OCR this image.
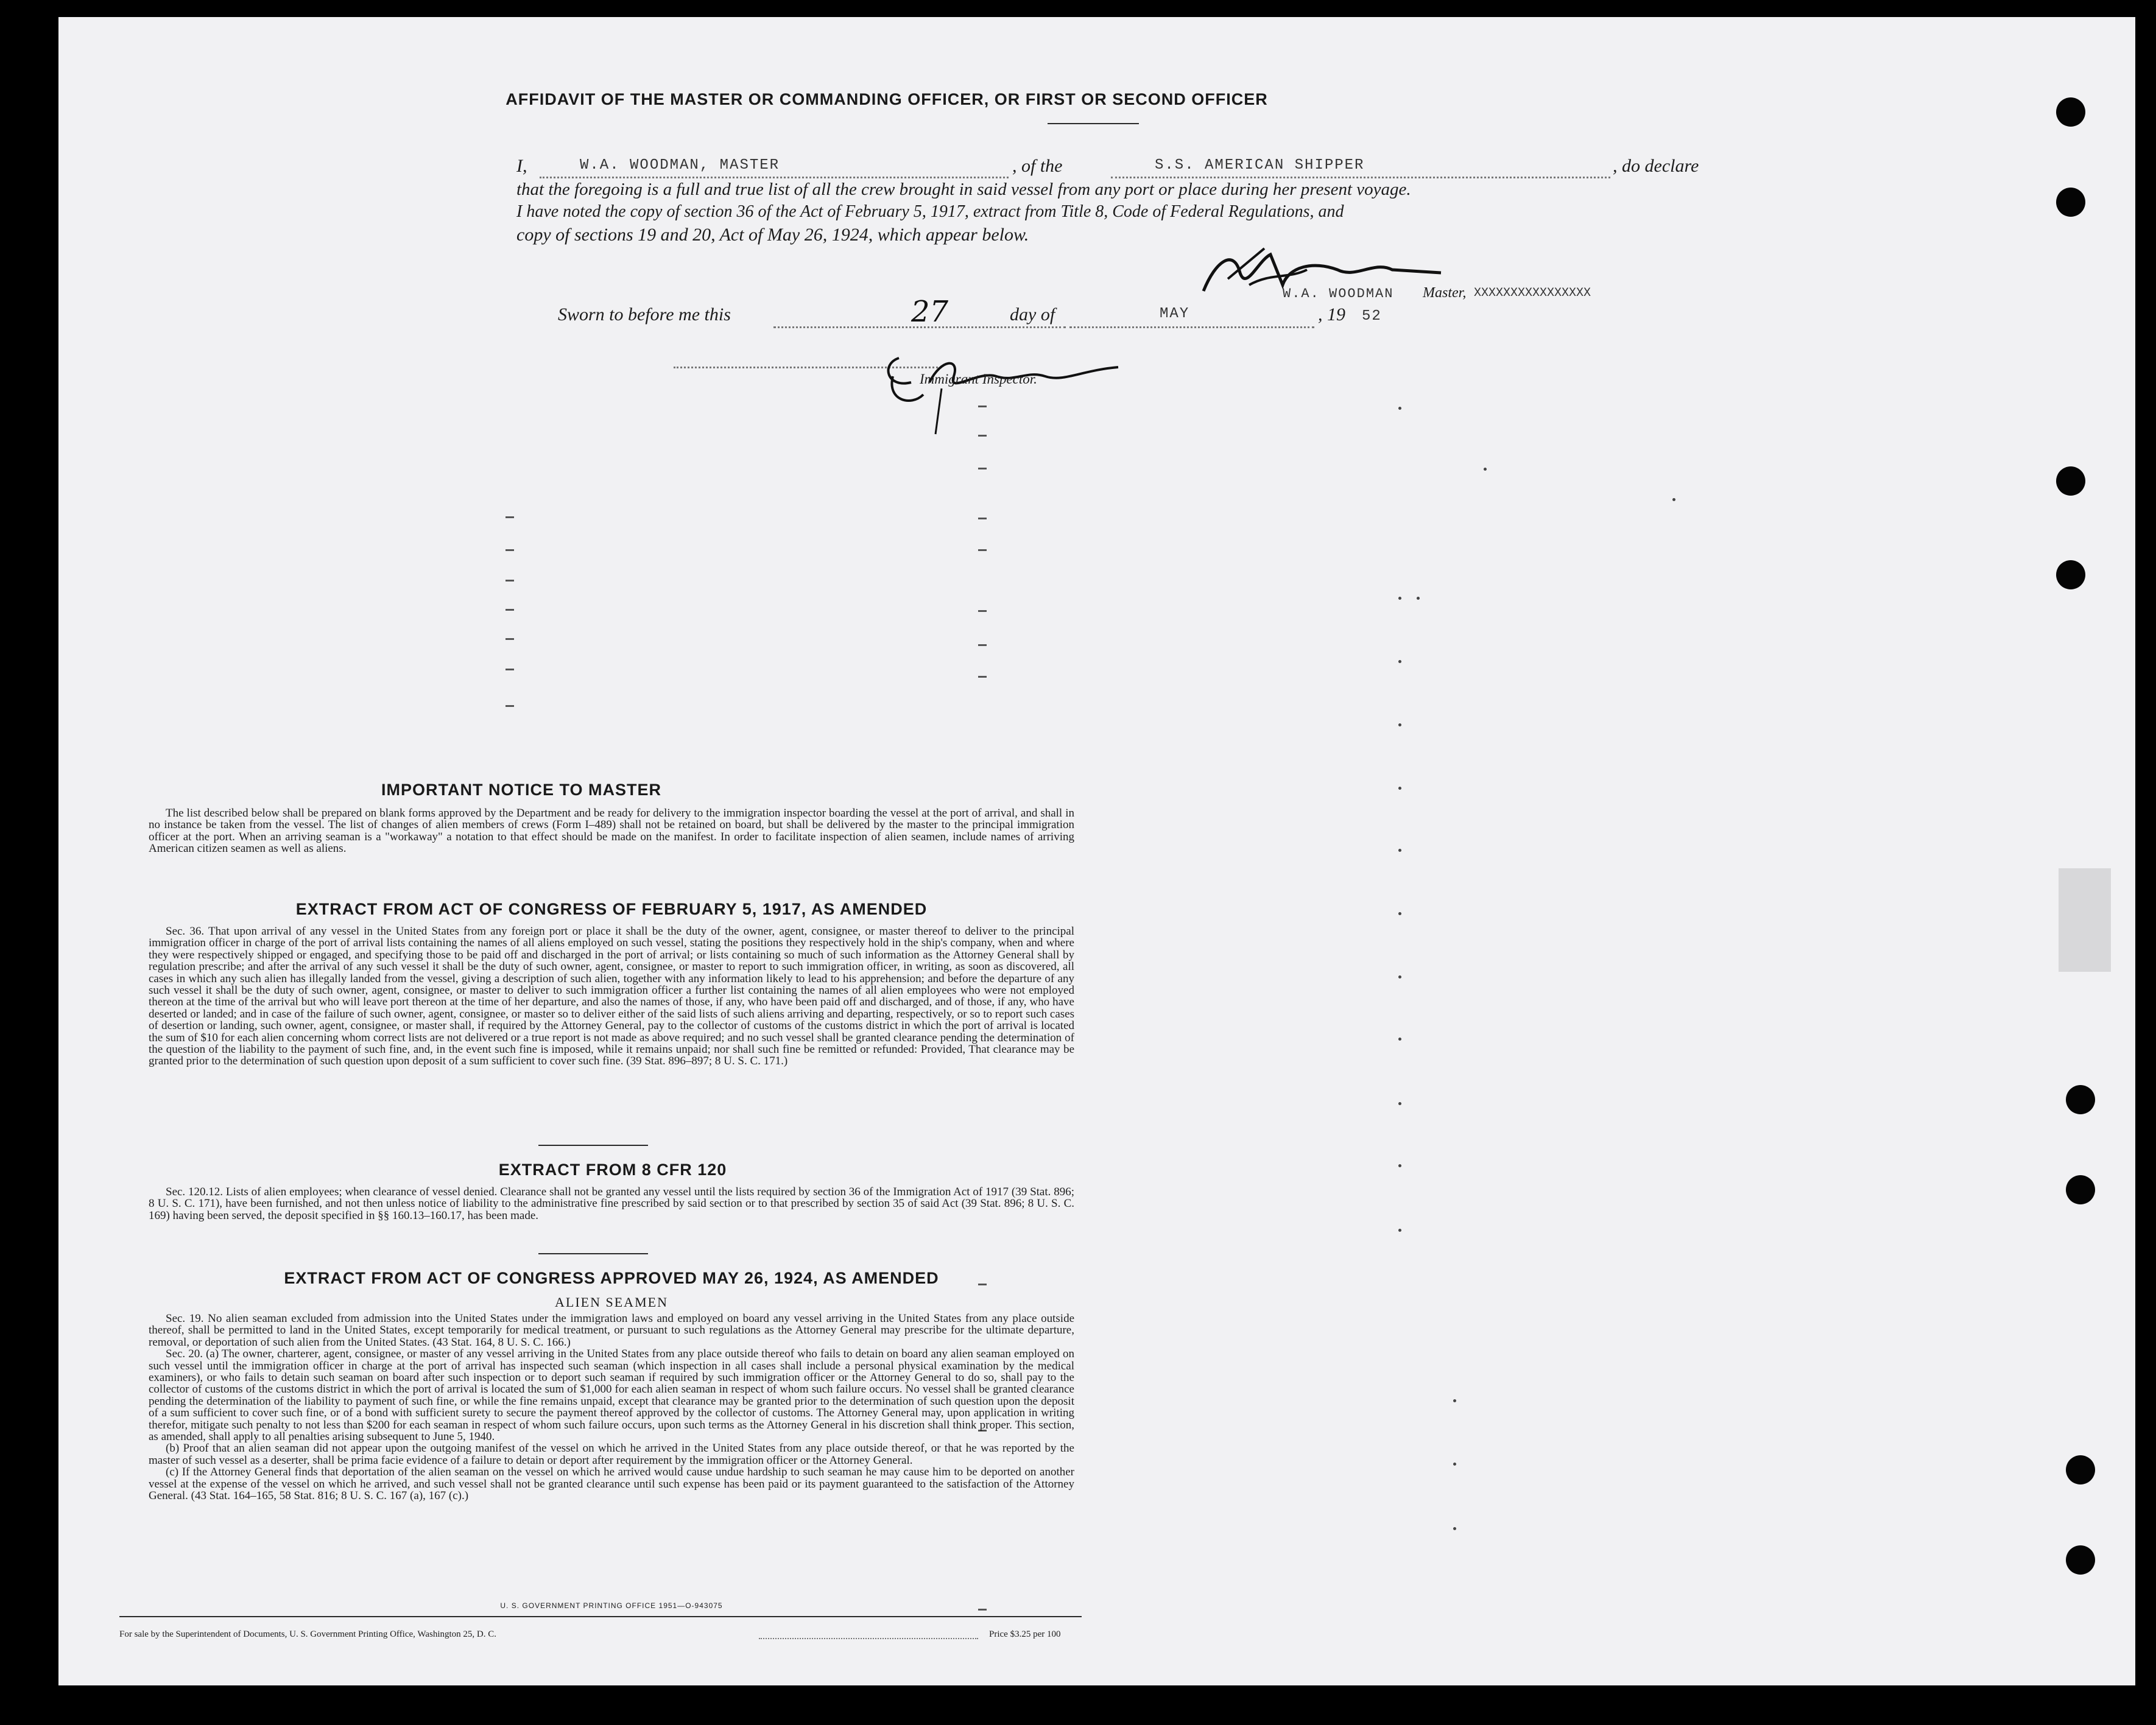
AFFIDAVIT OF THE MASTER OR COMMANDING OFFICER, OR FIRST OR SECOND OFFICER
I,	W.A. WOODMAN, MASTER	, of the	S.S. AMERICAN SHIPPER	, do declare
that the foregoing is a full and true list of all the crew brought in said vessel from any port or place during her present voyage.
I have noted the copy of section 36 of the Act of February 5, 1917, extract from Title 8, Code of Federal Regulations, and
copy of sections 19 and 20, Act of May 26, 1924, which appear below.
W.A. WOODMAN Master, XXXXXXXXXXXXXXXX
Sworn to before me this	27	day of	MAY	, 19 52
Immigrant Inspector.
IMPORTANT NOTICE TO MASTER

The list described below shall be prepared on blank forms approved by the Department and be ready for delivery to the immigration inspector boarding the vessel at the port of arrival, and shall in no instance be taken from the vessel. The list of changes of alien members of crews (Form I–489) shall not be retained on board, but shall be delivered by the master to the principal immigration officer at the port. When an arriving seaman is a "workaway" a notation to that effect should be made on the manifest. In order to facilitate inspection of alien seamen, include names of arriving American citizen seamen as well as aliens.

EXTRACT FROM ACT OF CONGRESS OF FEBRUARY 5, 1917, AS AMENDED

Sec. 36. That upon arrival of any vessel in the United States from any foreign port or place it shall be the duty of the owner, agent, consignee, or master thereof to deliver to the principal immigration officer in charge of the port of arrival lists containing the names of all aliens employed on such vessel, stating the positions they respectively hold in the ship's company, when and where they were respectively shipped or engaged, and specifying those to be paid off and discharged in the port of arrival; or lists containing so much of such information as the Attorney General shall by regulation prescribe; and after the arrival of any such vessel it shall be the duty of such owner, agent, consignee, or master to report to such immigration officer, in writing, as soon as discovered, all cases in which any such alien has illegally landed from the vessel, giving a description of such alien, together with any information likely to lead to his apprehension; and before the departure of any such vessel it shall be the duty of such owner, agent, consignee, or master to deliver to such immigration officer a further list containing the names of all alien employees who were not employed thereon at the time of the arrival but who will leave port thereon at the time of her departure, and also the names of those, if any, who have been paid off and discharged, and of those, if any, who have deserted or landed; and in case of the failure of such owner, agent, consignee, or master so to deliver either of the said lists of such aliens arriving and departing, respectively, or so to report such cases of desertion or landing, such owner, agent, consignee, or master shall, if required by the Attorney General, pay to the collector of customs of the customs district in which the port of arrival is located the sum of $10 for each alien concerning whom correct lists are not delivered or a true report is not made as above required; and no such vessel shall be granted clearance pending the determination of the question of the liability to the payment of such fine, and, in the event such fine is imposed, while it remains unpaid; nor shall such fine be remitted or refunded: Provided, That clearance may be granted prior to the determination of such question upon deposit of a sum sufficient to cover such fine. (39 Stat. 896–897; 8 U. S. C. 171.)

EXTRACT FROM 8 CFR 120

Sec. 120.12. Lists of alien employees; when clearance of vessel denied. Clearance shall not be granted any vessel until the lists required by section 36 of the Immigration Act of 1917 (39 Stat. 896; 8 U. S. C. 171), have been furnished, and not then unless notice of liability to the administrative fine prescribed by said section or to that prescribed by section 35 of said Act (39 Stat. 896; 8 U. S. C. 169) having been served, the deposit specified in §§ 160.13–160.17, has been made.

EXTRACT FROM ACT OF CONGRESS APPROVED MAY 26, 1924, AS AMENDED
ALIEN SEAMEN

Sec. 19. No alien seaman excluded from admission into the United States under the immigration laws and employed on board any vessel arriving in the United States from any place outside thereof, shall be permitted to land in the United States, except temporarily for medical treatment, or pursuant to such regulations as the Attorney General may prescribe for the ultimate departure, removal, or deportation of such alien from the United States. (43 Stat. 164, 8 U. S. C. 166.)

Sec. 20. (a) The owner, charterer, agent, consignee, or master of any vessel arriving in the United States from any place outside thereof who fails to detain on board any alien seaman employed on such vessel until the immigration officer in charge at the port of arrival has inspected such seaman (which inspection in all cases shall include a personal physical examination by the medical examiners), or who fails to detain such seaman on board after such inspection or to deport such seaman if required by such immigration officer or the Attorney General to do so, shall pay to the collector of customs of the customs district in which the port of arrival is located the sum of $1,000 for each alien seaman in respect of whom such failure occurs. No vessel shall be granted clearance pending the determination of the liability to payment of such fine, or while the fine remains unpaid, except that clearance may be granted prior to the determination of such question upon the deposit of a sum sufficient to cover such fine, or of a bond with sufficient surety to secure the payment thereof approved by the collector of customs. The Attorney General may, upon application in writing therefor, mitigate such penalty to not less than $200 for each seaman in respect of whom such failure occurs, upon such terms as the Attorney General in his discretion shall think proper. This section, as amended, shall apply to all penalties arising subsequent to June 5, 1940.

(b) Proof that an alien seaman did not appear upon the outgoing manifest of the vessel on which he arrived in the United States from any place outside thereof, or that he was reported by the master of such vessel as a deserter, shall be prima facie evidence of a failure to detain or deport after requirement by the immigration officer or the Attorney General.

(c) If the Attorney General finds that deportation of the alien seaman on the vessel on which he arrived would cause undue hardship to such seaman he may cause him to be deported on another vessel at the expense of the vessel on which he arrived, and such vessel shall not be granted clearance until such expense has been paid or its payment guaranteed to the satisfaction of the Attorney General. (43 Stat. 164–165, 58 Stat. 816; 8 U. S. C. 167 (a), 167 (c).)

U. S. GOVERNMENT PRINTING OFFICE 1951—O-943075
For sale by the Superintendent of Documents, U. S. Government Printing Office, Washington 25, D. C.	Price $3.25 per 100
